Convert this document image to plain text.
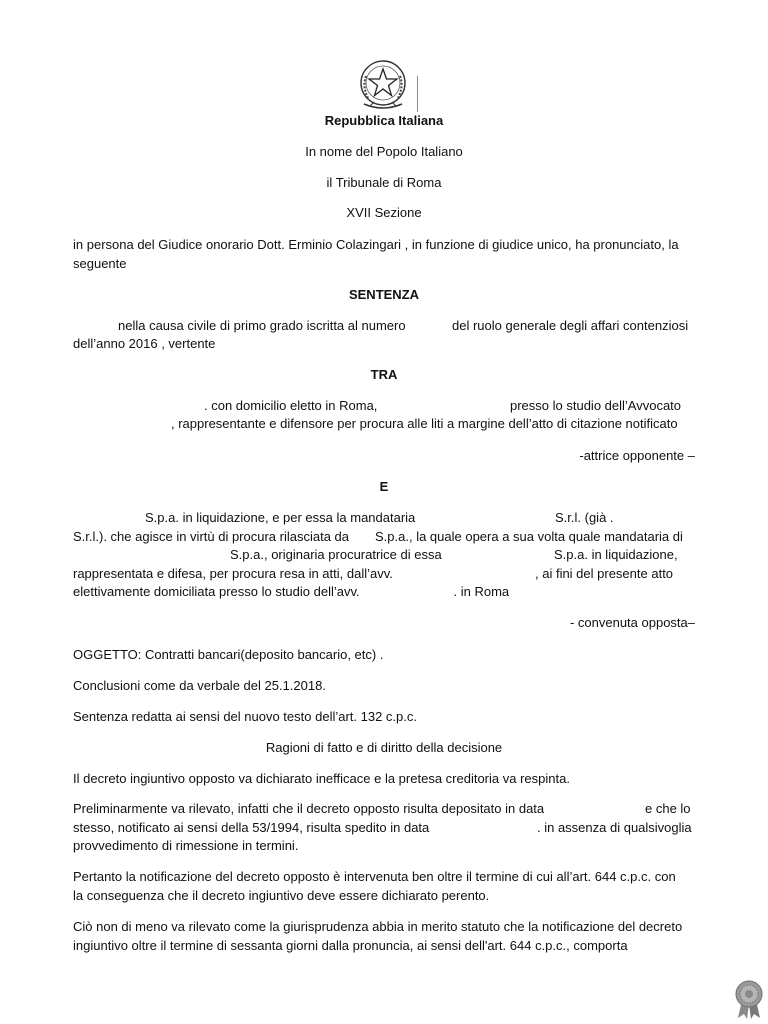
Repubblica Italiana
In nome del Popolo Italiano
il Tribunale di Roma
XVII Sezione
in persona del Giudice onorario Dott. Erminio Colazingari , in funzione di giudice unico, ha pronunciato, la
seguente
SENTENZA
nella causa civile di primo grado iscritta al numero	del ruolo generale degli affari contenziosi
dell’anno 2016 , vertente
TRA
. con domicilio eletto in Roma,	presso lo studio dell’Avvocato
, rappresentante e difensore per procura alle liti a margine dell’atto di citazione notificato
-attrice opponente –
E
S.p.a. in liquidazione, e per essa la mandataria	S.r.l. (già .
S.r.l.). che agisce in virtù di procura rilasciata da S.p.a., la quale opera a sua volta quale mandataria di
S.p.a., originaria procuratrice di essa	S.p.a. in liquidazione,
rappresentata e difesa, per procura resa in atti, dall’avv.	, ai fini del presente atto
elettivamente domiciliata presso lo studio dell’avv.                          . in Roma
- convenuta opposta–
OGGETTO: Contratti bancari(deposito bancario, etc) .
Conclusioni come da verbale del 25.1.2018.
Sentenza redatta ai sensi del nuovo testo dell’art. 132 c.p.c.
Ragioni di fatto e di diritto della decisione
Il decreto ingiuntivo opposto va dichiarato inefficace e la pretesa creditoria va respinta.
Preliminarmente va rilevato, infatti che il decreto opposto risulta depositato in data	e che lo
stesso, notificato ai sensi della 53/1994, risulta spedito in data	. in assenza di qualsivoglia
provvedimento di rimessione in termini.
Pertanto la notificazione del decreto opposto è intervenuta ben oltre il termine di cui all’art. 644 c.p.c. con
la conseguenza che il decreto ingiuntivo deve essere dichiarato perento.
Ciò non di meno va rilevato come la giurisprudenza abbia in merito statuto che la notificazione del decreto
ingiuntivo oltre il termine di sessanta giorni dalla pronuncia, ai sensi dell'art. 644 c.p.c., comporta
